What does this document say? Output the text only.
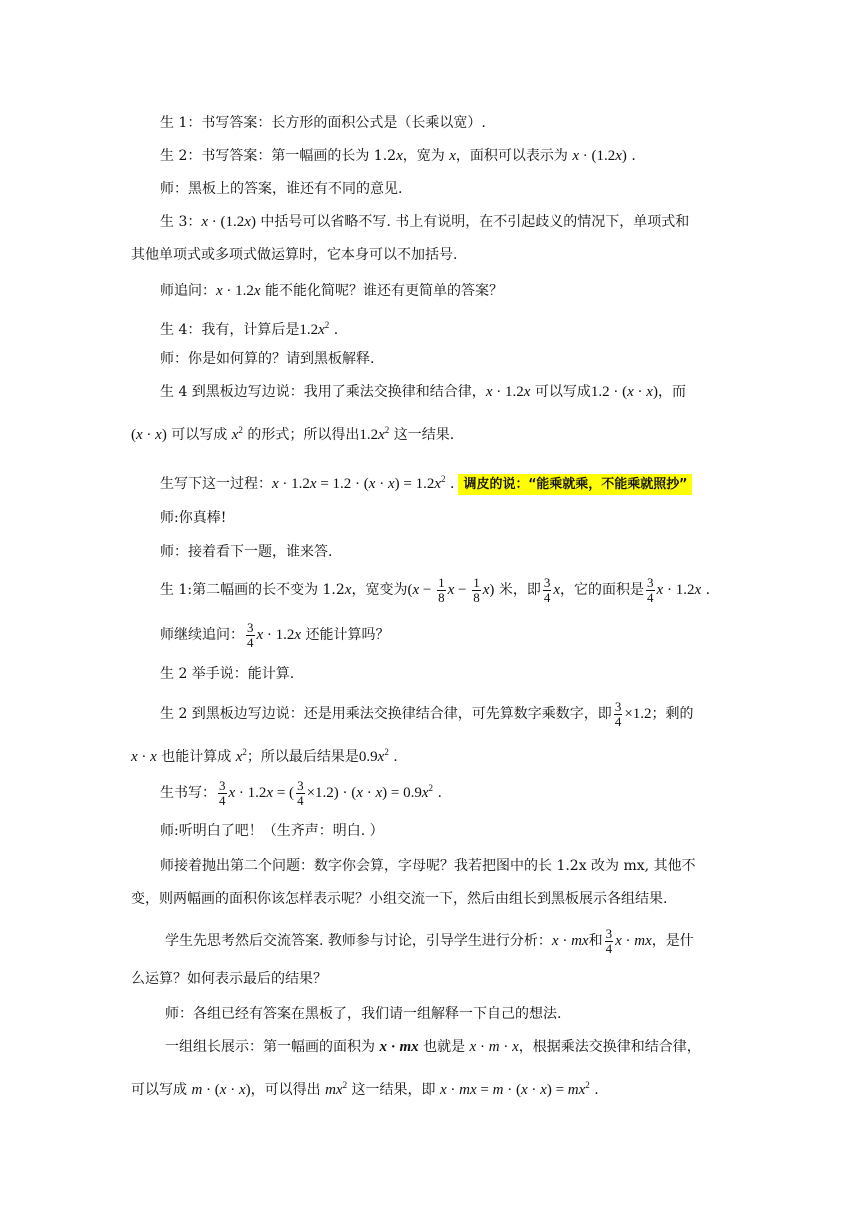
生 1：书写答案：长方形的面积公式是（长乘以宽）.
生 2：书写答案：第一幅画的长为 1.2x，宽为 x，面积可以表示为 x · (1.2x) .
师：黑板上的答案，谁还有不同的意见.
生 3：x · (1.2x) 中括号可以省略不写. 书上有说明，在不引起歧义的情况下，单项式和
其他单项式或多项式做运算时，它本身可以不加括号.
师追问：x · 1.2x 能不能化简呢？谁还有更简单的答案？
生 4：我有，计算后是$1.2x^2$ .
师：你是如何算的？请到黑板解释.
生 4 到黑板边写边说：我用了乘法交换律和结合律，x · 1.2x 可以写成1.2 · (x · x)，而
(x · x) 可以写成 $x^2$ 的形式；所以得出$1.2x^2$ 这一结果.
生写下这一过程：$x \cdot 1.2x = 1.2 \cdot (x \cdot x) = 1.2x^2$ . 调皮的说：“能乘就乘，不能乘就照抄”
师:你真棒!
师：接着看下一题，谁来答.
生 1:第二幅画的长不变为 1.2x，宽变为($x - \frac{1}{8}$ $x - \frac{1}{8} x$) 米，即 $\frac{3}{4}$ x，它的面积是 $\frac{3}{4}$ x · 1.2x .
师继续追问： $\frac{3}{4}$ x · 1.2x 还能计算吗？
生 2 举手说：能计算.
生 2 到黑板边写边说：还是用乘法交换律结合律，可先算数字乘数字，即 $\frac{3}{4} \times 1.2$；剩的
x · x 也能计算成 $x^2$；所以最后结果是$0.9x^2$ .
生书写： $\frac{3}{4}$ x · 1.2x = ( $\frac{3}{4} \times 1.2) \cdot (x \cdot x) = 0.9x^2$ .
师:听明白了吧！（生齐声：明白. ）
师接着抛出第二个问题：数字你会算，字母呢？我若把图中的长 1.2x 改为 mx, 其他不
变，则两幅画的面积你该怎样表示呢？小组交流一下，然后由组长到黑板展示各组结果.
学生先思考然后交流答案. 教师参与讨论，引导学生进行分析：x · mx和 $\frac{3}{4}$ x · mx，是什
么运算？如何表示最后的结果？
师：各组已经有答案在黑板了，我们请一组解释一下自己的想法.
一组组长展示：第一幅画的面积为 x · mx 也就是 x · m · x，根据乘法交换律和结合律，
可以写成 m · (x · x)，可以得出 $mx^2$ 这一结果，即 x · mx = $m \cdot (x \cdot x) = mx^2$ .
